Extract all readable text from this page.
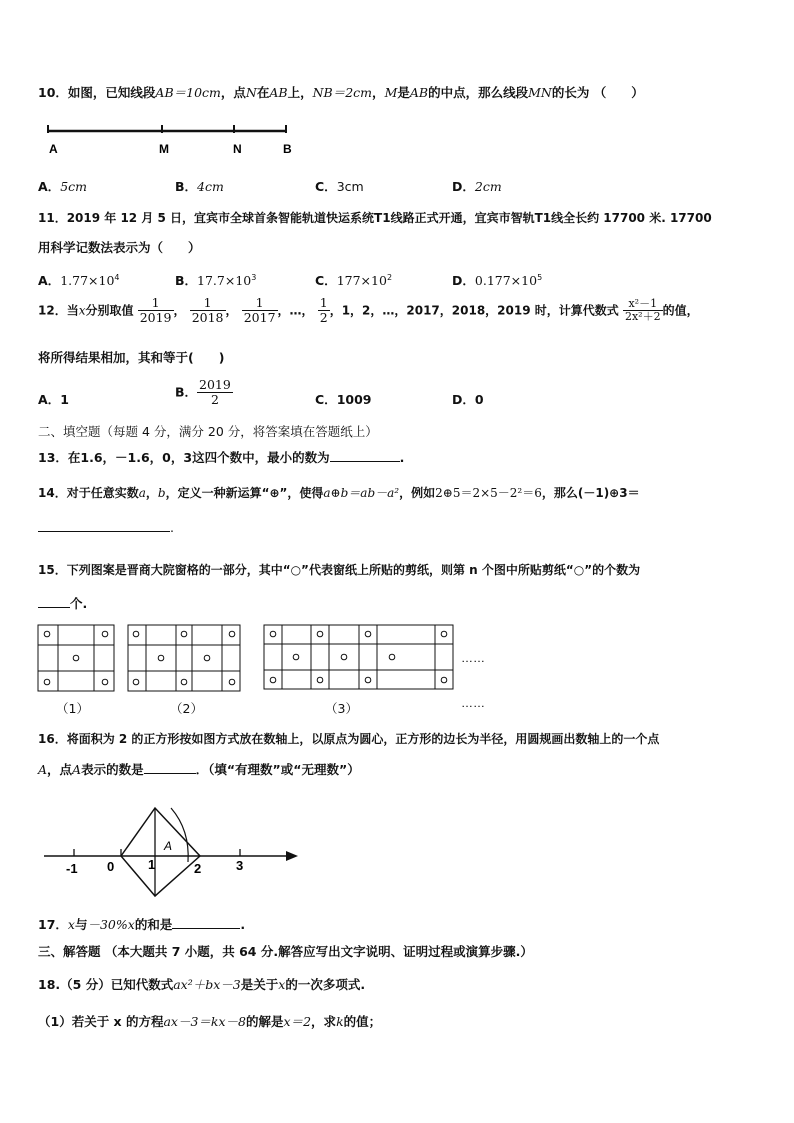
10．如图，已知线段AB＝10cm，点N在AB上，NB＝2cm，M是AB的中点，那么线段MN的长为 （　　）
A	M	N	B
A．5cm	B．4cm	C．3cm	D．2cm
11．2019 年 12 月 5 日，宜宾市全球首条智能轨道快运系统T1线路正式开通，宜宾市智轨T1线全长约 17700 米. 17700
用科学记数法表示为（　　）
A．$1.77\times 10^4$	B．$17.7\times 10^3$	C．$177\times 10^2$	D．$0.177\times 10^5$
12．当x分别取值 $\frac{1}{2019}$ ， $\frac{1}{2018}$ ， $\frac{1}{2017}$ ，…， $\frac{1}{2}$ ，1，2，…，2017，2018，2019 时，计算代数式 $\frac{\text{x²－1}}{\text{2x²＋2}}$ 的值，
将所得结果相加，其和等于(　　)
A．1
B． $\frac{2019}{2}$	C．1009	D．0
二、填空题（每题 4 分，满分 20 分，将答案填在答题纸上）
13．在1.6，－1.6，0，3这四个数中，最小的数为	.
14．对于任意实数a，b，定义一种新运算“⊕”，使得a⊕b＝ab－a²，例如2⊕5＝2×5－2²＝6，那么(－1)⊕3＝
.
15．下列图案是晋商大院窗格的一部分，其中“○”代表窗纸上所贴的剪纸，则第 n 个图中所贴剪纸“○”的个数为
个.
……
……
（1）	（2）	（3）
16．将面积为 2 的正方形按如图方式放在数轴上，以原点为圆心，正方形的边长为半径，用圆规画出数轴上的一个点
A，点A表示的数是	．（填“有理数”或“无理数”）
-1 0	1	2	3
A
17．x与－30%x的和是	.
三、解答题 （本大题共 7 小题，共 64 分.解答应写出文字说明、证明过程或演算步骤.）
18.（5 分）已知代数式ax²＋bx－3是关于x的一次多项式.
（1）若关于 x 的方程ax－3＝kx－8的解是x＝2，求k的值；
